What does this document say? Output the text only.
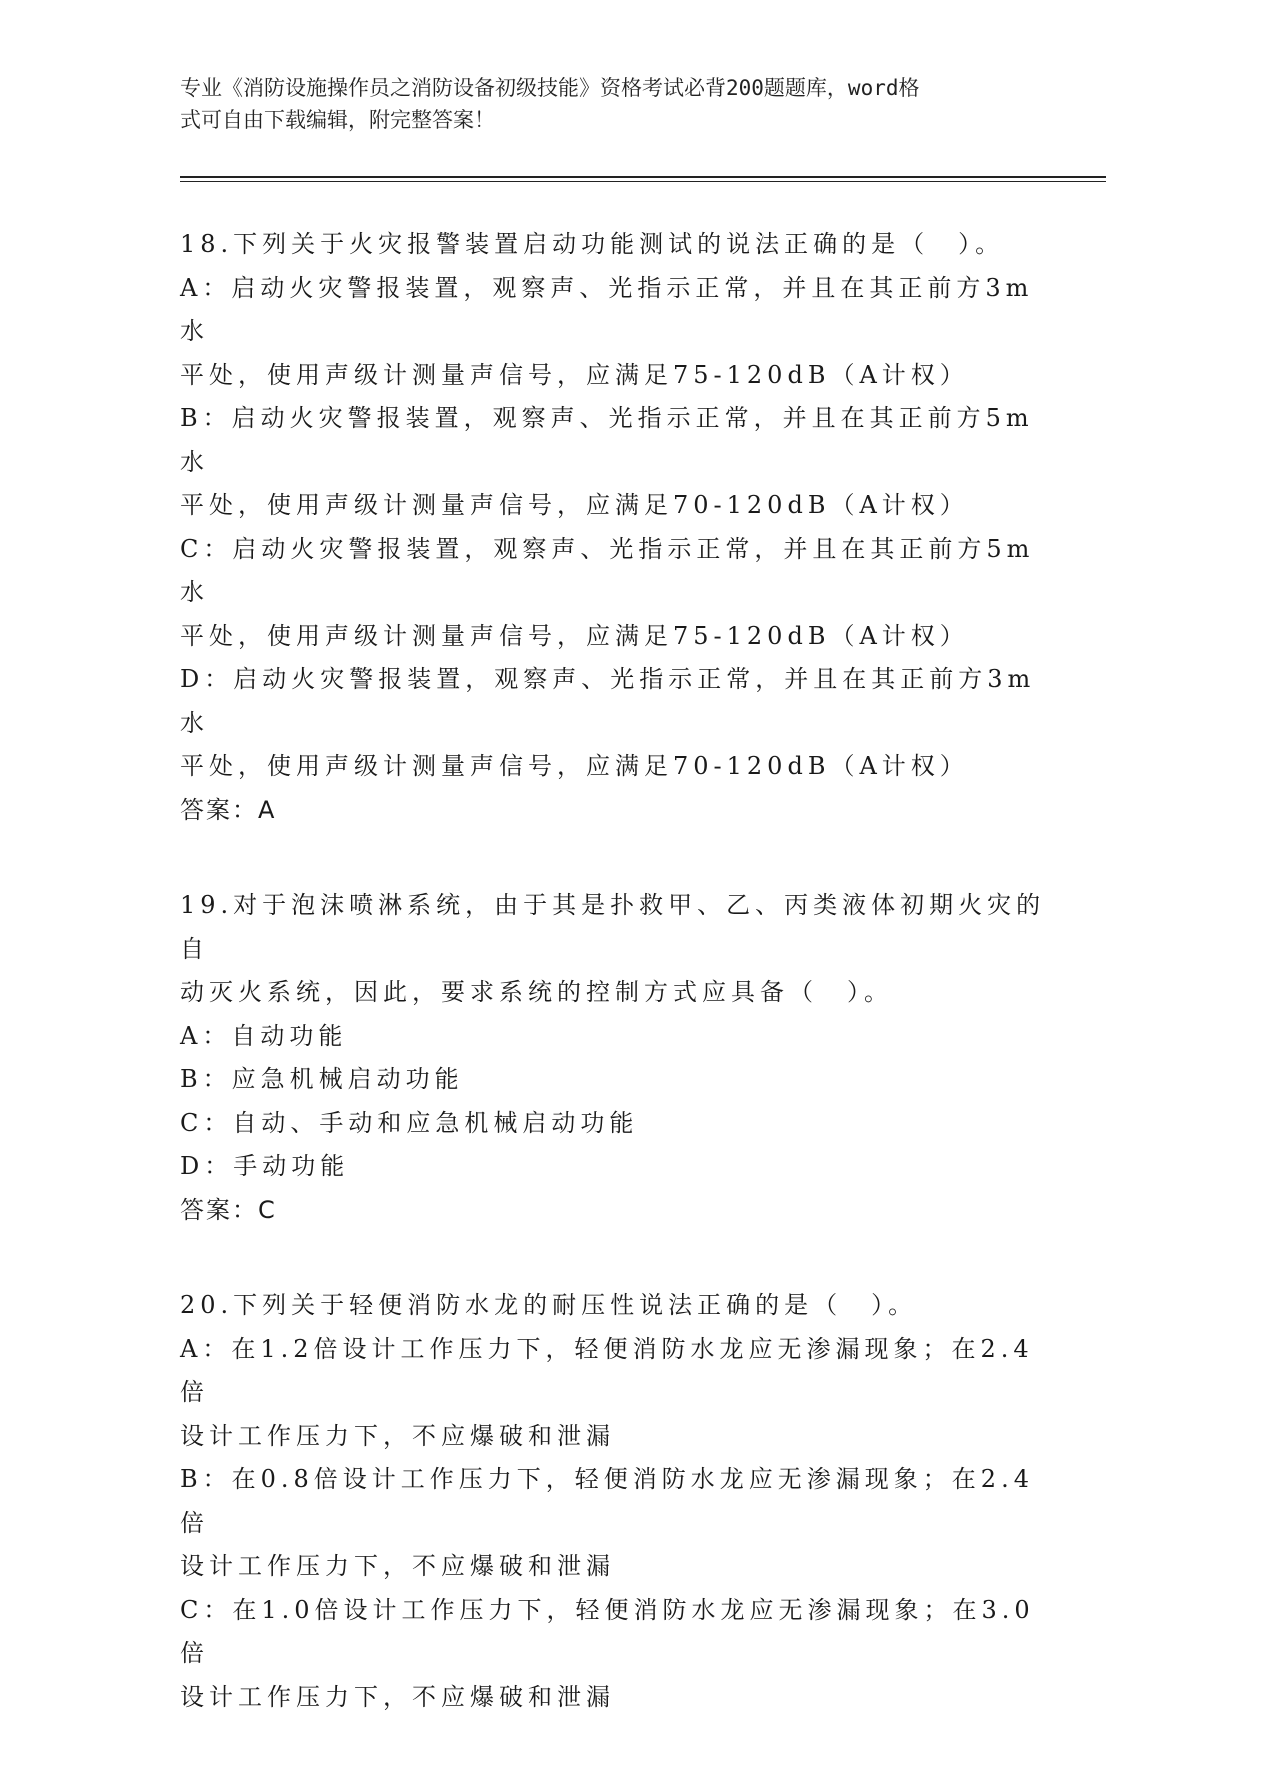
专业《消防设施操作员之消防设备初级技能》资格考试必背200题题库，word格
式可自由下载编辑，附完整答案！
18.下列关于火灾报警装置启动功能测试的说法正确的是（　）。
A：启动火灾警报装置，观察声、光指示正常，并且在其正前方3m水
平处，使用声级计测量声信号，应满足75-120dB（A计权）
B：启动火灾警报装置，观察声、光指示正常，并且在其正前方5m水
平处，使用声级计测量声信号，应满足70-120dB（A计权）
C：启动火灾警报装置，观察声、光指示正常，并且在其正前方5m水
平处，使用声级计测量声信号，应满足75-120dB（A计权）
D：启动火灾警报装置，观察声、光指示正常，并且在其正前方3m水
平处，使用声级计测量声信号，应满足70-120dB（A计权）
答案：A
19.对于泡沫喷淋系统，由于其是扑救甲、乙、丙类液体初期火灾的自
动灭火系统，因此，要求系统的控制方式应具备（　）。
A：自动功能
B：应急机械启动功能
C：自动、手动和应急机械启动功能
D：手动功能
答案：C
20.下列关于轻便消防水龙的耐压性说法正确的是（　）。
A：在1.2倍设计工作压力下，轻便消防水龙应无渗漏现象；在2.4倍
设计工作压力下，不应爆破和泄漏
B：在0.8倍设计工作压力下，轻便消防水龙应无渗漏现象；在2.4倍
设计工作压力下，不应爆破和泄漏
C：在1.0倍设计工作压力下，轻便消防水龙应无渗漏现象；在3.0倍
设计工作压力下，不应爆破和泄漏
